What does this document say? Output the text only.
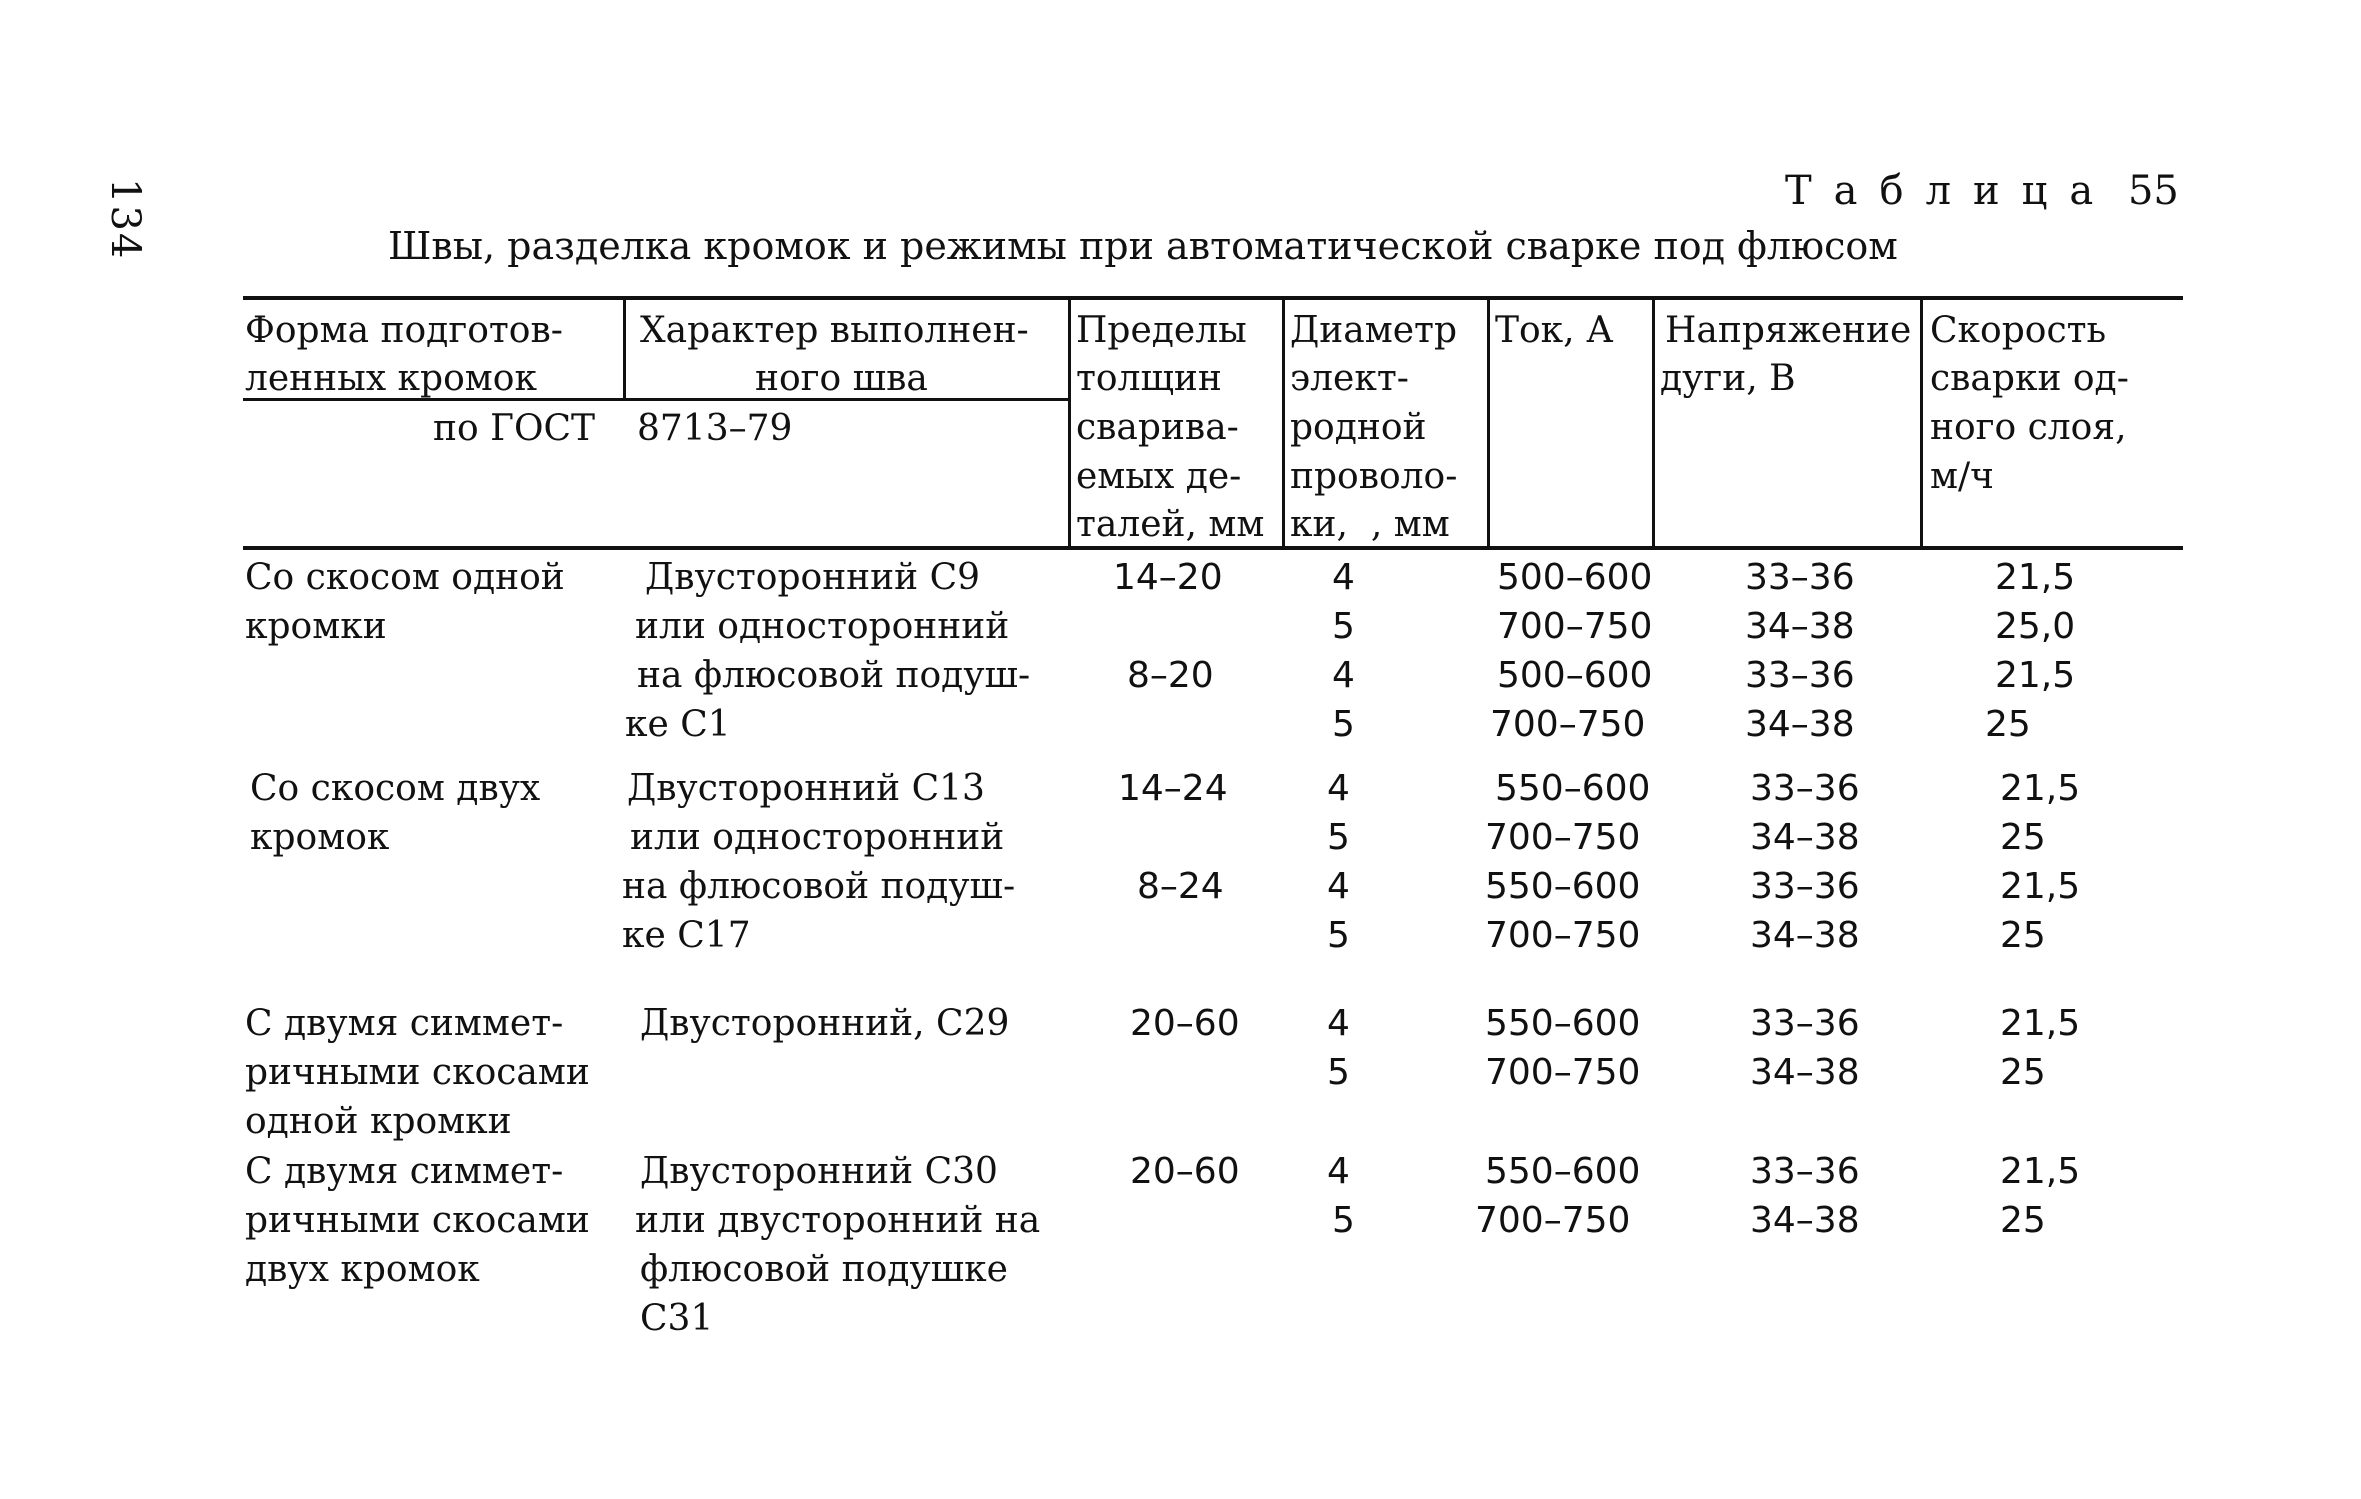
134	Таблица 55
Швы, разделка кромок и режимы при автоматической сварке под флюсом
Форма подготов-
ленных кромок
Характер выполнен-
ного шва
по ГОСТ 8713–79
Пределы
толщин
сварива-
емых де-
талей, мм
Диаметр
элект-
родной
проволо-
ки,  , мм
Ток, А Напряжение
дуги, В
Скорость
сварки од-
ного слоя,
м/ч
Со скосом одной
кромки
Двусторонний С9
или односторонний
на флюсовой подуш-
ке С1
14–20
8–20
4
5
4
5
500–600
700–750
500–600
700–750
33–36
34–38
33–36
34–38
21,5
25,0
21,5
25
Со скосом двух
кромок
Двусторонний С13
или односторонний
на флюсовой подуш-
ке С17
14–24
8–24
4
5
4
5
550–600
700–750
550–600
700–750
33–36
34–38
33–36
34–38
21,5
25
21,5
25
С двумя симмет-
ричными скосами
одной кромки
Двусторонний, С29	20–60 4
5
550–600
700–750
33–36
34–38
21,5
25
С двумя симмет-
ричными скосами
двух кромок
Двусторонний С30
или двусторонний на
флюсовой подушке
С31
20–60 4
5
550–600
700–750
33–36
34–38
21,5
25
